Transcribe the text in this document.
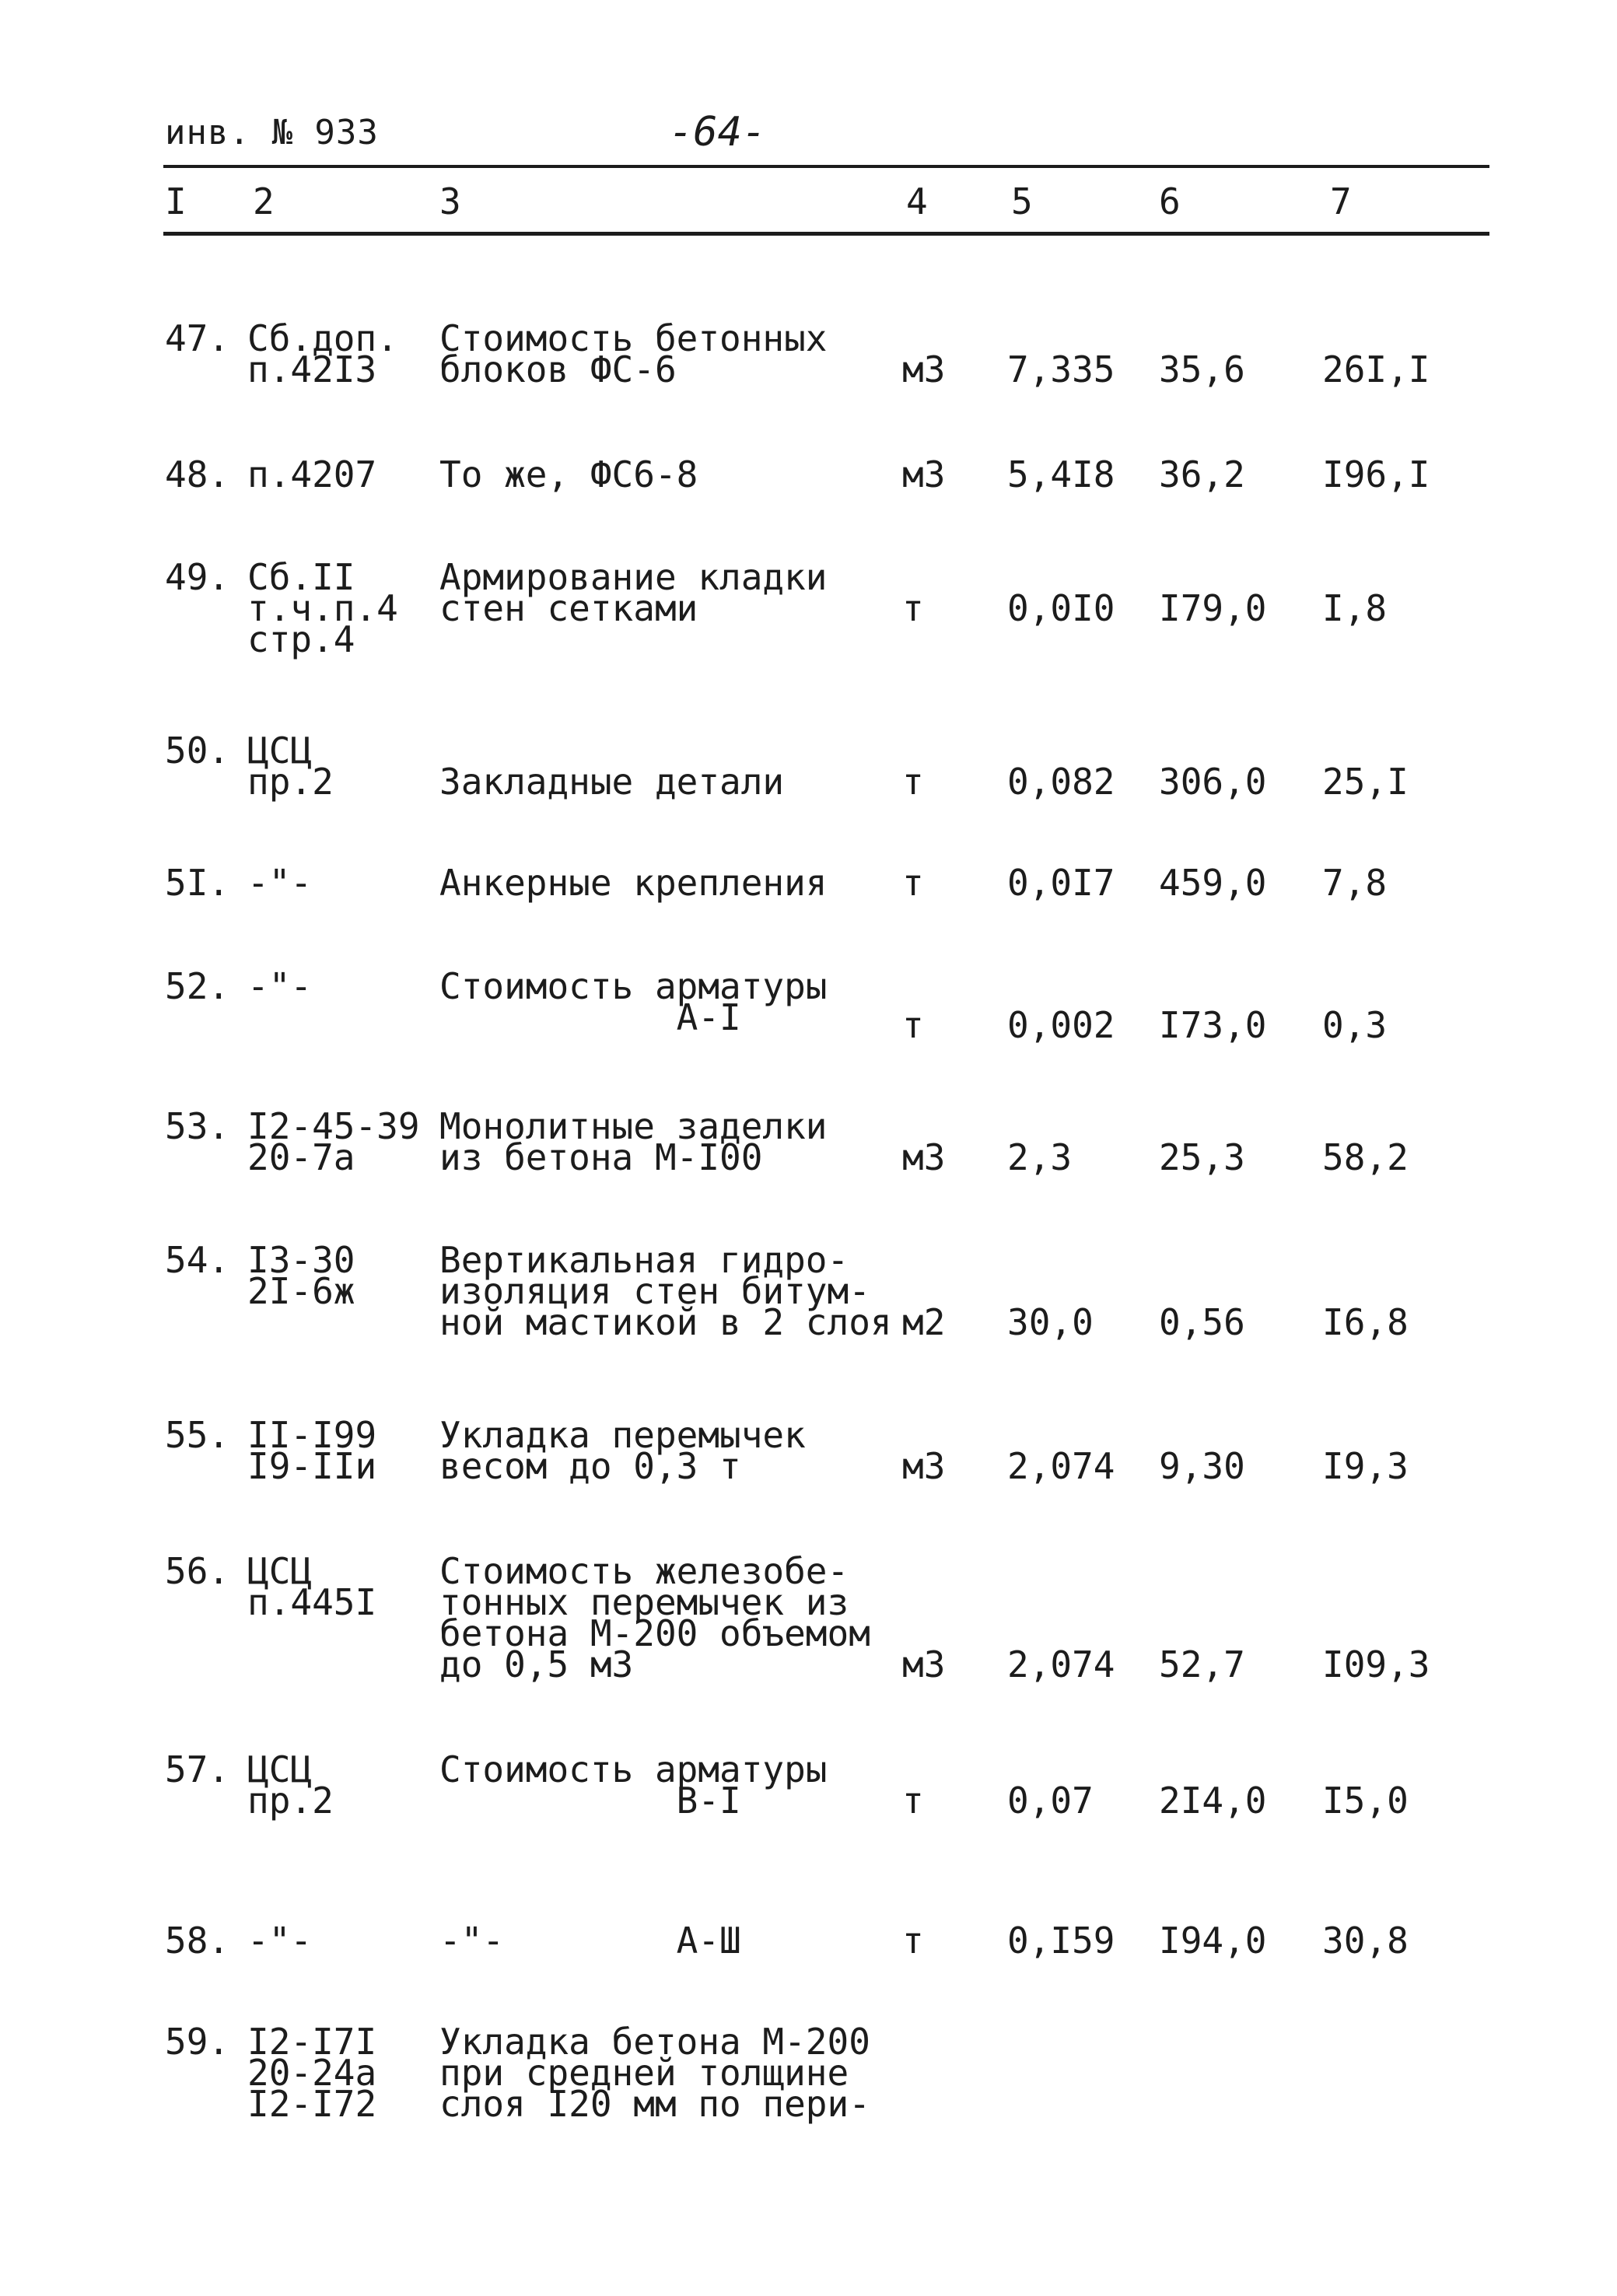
инв. № 933	-64-
I 2	3	4 5	6	7
47. Сб.доп.
п.42I3
Стоимость бетонных
блоков ФС-6	м3 7,335 35,6 26I,I
48. п.4207 То же, ФС6-8	м3 5,4I8 36,2 I96,I
49. Сб.II
т.ч.п.4
стр.4
Армирование кладки
стен сетками	т 0,0I0 I79,0 I,8
50. ЦСЦ
пр.2	Закладные детали	т 0,082 306,0 25,I
5I. -"-	Анкерные крепления т 0,0I7 459,0 7,8
52. -"-	Стоимость арматуры
А-I	т 0,002 I73,0 0,3
53. I2-45-39
20-7а
Монолитные заделки
из бетона М-I00	м3 2,3 25,3 58,2
54. I3-30
2I-6ж
Вертикальная гидро-
изоляция стен битум-
ной мастикой в 2 слоя м2 30,0 0,56 I6,8
55. II-I99
I9-IIи
Укладка перемычек
весом до 0,3 т	м3 2,074 9,30 I9,3
56. ЦСЦ
п.445I
Стоимость железобе-
тонных перемычек из
бетона М-200 объемом
до 0,5 м3	м3 2,074 52,7 I09,3
57. ЦСЦ
пр.2
Стоимость арматуры
В-I	т 0,07 2I4,0 I5,0
58. -"-	-"-        А-Ш	т 0,I59 I94,0 30,8
59. I2-I7I
20-24а
I2-I72
Укладка бетона М-200
при средней толщине
слоя I20 мм по пери-
